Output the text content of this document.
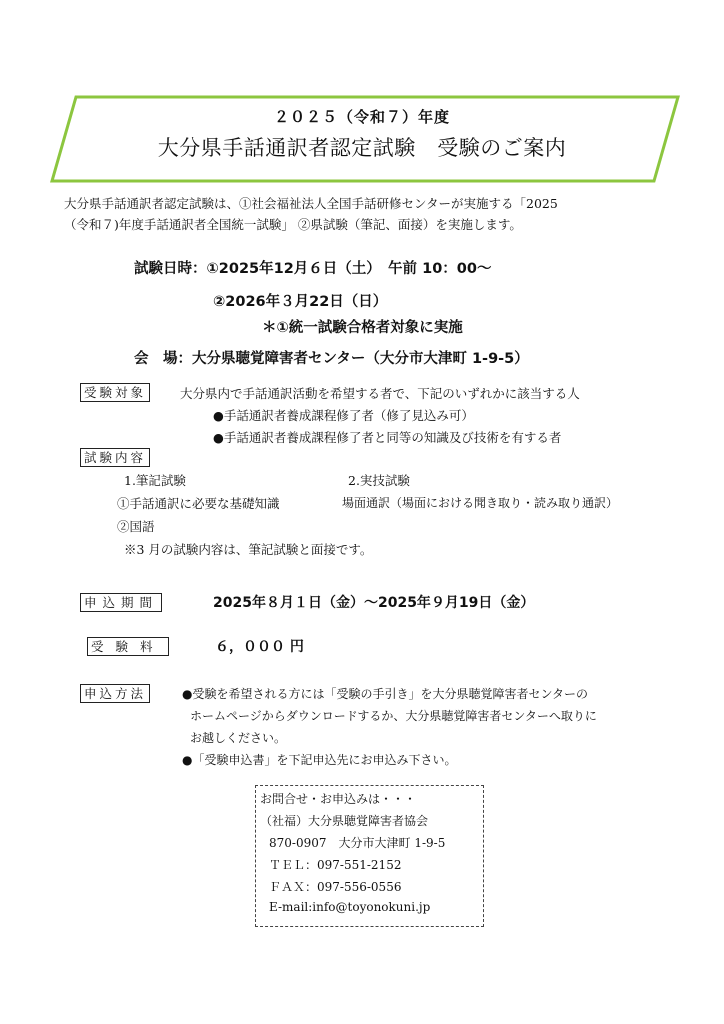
２０２５（令和７）年度
大分県手話通訳者認定試験　受験のご案内
大分県手話通訳者認定試験は、①社会福祉法人全国手話研修センターが実施する「2025
（令和７)年度手話通訳者全国統一試験」 ②県試験（筆記、面接）を実施します。
試験日時：①2025年12月６日（土）　午前 10：00～
②2026年３月22日（日）
＊①統一試験合格者対象に実施
会　場：大分県聴覚障害者センター（大分市大津町 1-9-5）
受験対象	大分県内で手話通訳活動を希望する者で、下記のいずれかに該当する人
●手話通訳者養成課程修了者（修了見込み可）
●手話通訳者養成課程修了者と同等の知識及び技術を有する者
試験内容
1.筆記試験	2.実技試験
①手話通訳に必要な基礎知識	場面通訳（場面における聞き取り・読み取り通訳）
②国語
※3 月の試験内容は、筆記試験と面接です。
申込期間	2025年８月１日（金）～2025年９月19日（金）
受験料	６，０００ 円
申込方法	●受験を希望される方には「受験の手引き」を大分県聴覚障害者センターの
ホームページからダウンロードするか、大分県聴覚障害者センターへ取りに
お越しください。
●「受験申込書」を下記申込先にお申込み下さい。
お問合せ・お申込みは・・・
（社福）大分県聴覚障害者協会
870-0907　大分市大津町 1-9-5
ＴＥＬ：097-551-2152
ＦＡＸ：097-556-0556
E-mail:info@toyonokuni.jp
